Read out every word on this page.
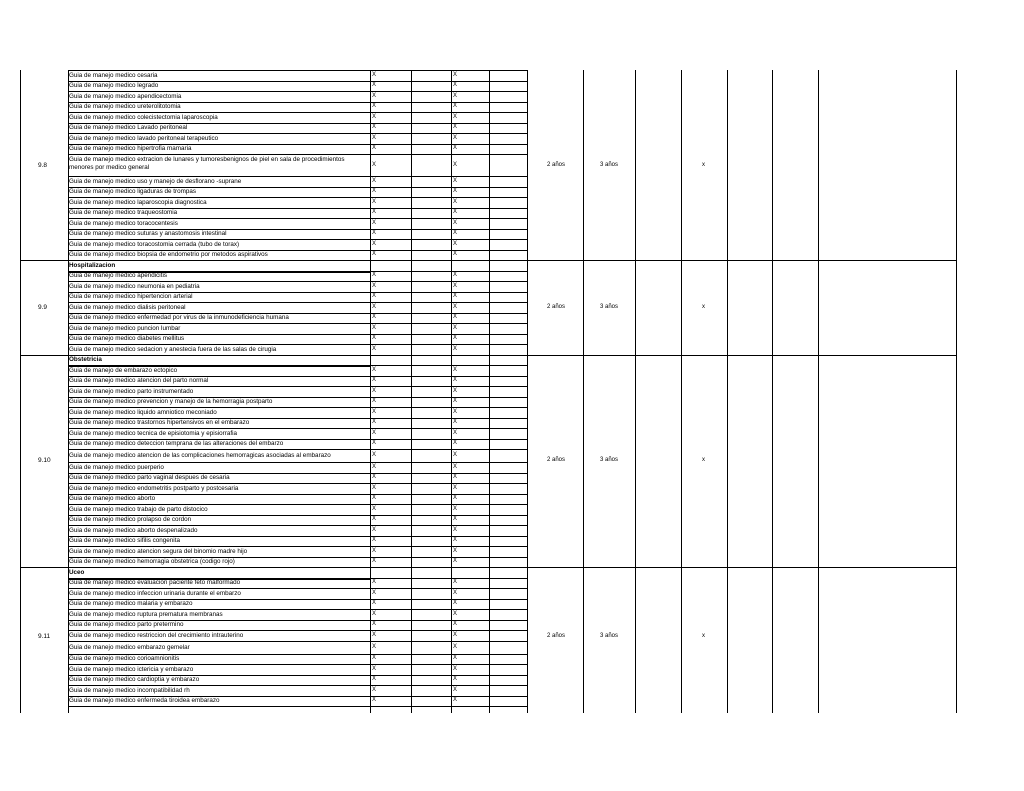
Guia de manejo medico cesaria	X	X
Guia de manejo medico legrado	X	X
Guia de manejo medico apendicectomia	X	X
Guia de manejo medico ureterolitotomia	X	X
Guia de manejo medico colecistectomia laparoscopia	X	X
Guia de manejo medico Lavado peritoneal	X	X
Guia de manejo medico lavado peritoneal terapeutico	X	X
Guia de manejo medico hipertrofia mamaria	X	X
Guia de manejo medico extracion de lunares y tumoresbenignos de piel en sala de procedimientos menores por medico general	X	X
Guia de manejo medico uso y manejo de desflorano -suprane	X	X
Guia de manejo medico ligaduras de trompas	X	X
Guia de manejo medico laparoscopia diagnostica	X	X
Guia de manejo medico traqueostomia	X	X
Guia de manejo medico toracocentesis	X	X
Guia de manejo medico suturas y anastomosis intestinal	X	X
Guia de manejo medico toracostomia cerrada (tubo de torax)	X	X
Guia de manejo medico biopsia de endometrio por metodos aspirativos	X	X
9.8	2 años	3 años	x
Hospitalizacion
Guia de manejo medico apendicitis	X	X
Guia de manejo medico neumonia en pediatria	X	X
Guia de manejo medico hipertencion arterial	X	X
Guia de manejo medico dialisis peritoneal	X	X
Guia de manejo medico enfermedad por virus de la inmunodeficiencia humana	X	X
Guia de manejo medico puncion lumbar	X	X
Guia de manejo medico diabetes mellitus	X	X
Guia de manejo medico sedacion y anestecia fuera de las salas de cirugia	X	X
9.9	2 años	3 años	x
Obstetricia
Guia de manejo de embarazo ectopico	X	X
Guia de manejo medico atencion del parto normal	X	X
Guia de manejo medico parto instrumentado	X	X
Guia de manejo medico prevencion y manejo de la hemorragia postparto	X	X
Guia de manejo medico liquido amniotico meconiado	X	X
Guia de manejo medico trastornos hipertensivos en el embarazo	X	X
Guia de manejo medico tecnica de episiotomia y episiorrafia	X	X
Guia de manejo medico deteccion temprana de las alteraciones del embarzo	X	X
Guia de manejo medico atencion de las complicaciones hemorragicas asociadas al embarazo	X	X
Guia de manejo medico puerperio	X	X
Guia de manejo medico parto vaginal despues de cesaria	X	X
Guia de manejo medico endometritis postparto y postcesaria	X	X
Guia de manejo medico aborto	X	X
Guia de manejo medico trabajo de parto distocico	X	X
Guia de manejo medico prolapso de cordon	X	X
Guia de manejo medico aborto despenalizado	X	X
Guia de manejo medico sifilis congenita	X	X
Guia de manejo medico atencion segura del binomio madre hijo	X	X
Guia de manejo medico hemorragia obstetrica (codigo rojo)	X	X
9.10	2 años	3 años	x
Uceo
Guia de manejo medico evaluacion paciente feto malformado	X	X
Guia de manejo medico infeccion urinaria durante el embarzo	X	X
Guia de manejo medico malaria y embarazo	X	X
Guia de manejo medico ruptura prematura membranas	X	X
Guia de manejo medico parto pretermino	X	X
Guia de manejo medico restriccion del crecimiento intrauterino	X	X
Guia de manejo medico embarazo gemelar	X	X
Guia de manejo medico corioamnionitis	X	X
Guia de manejo medico ictericia y embarazo	X	X
Guia de manejo medico cardioptia y embarazo	X	X
Guia de manejo medico incompatibilidad rh	X	X
Guia de manejo medico enfermeda tiroidea embarazo	X	X
9.11	2 años	3 años	x
